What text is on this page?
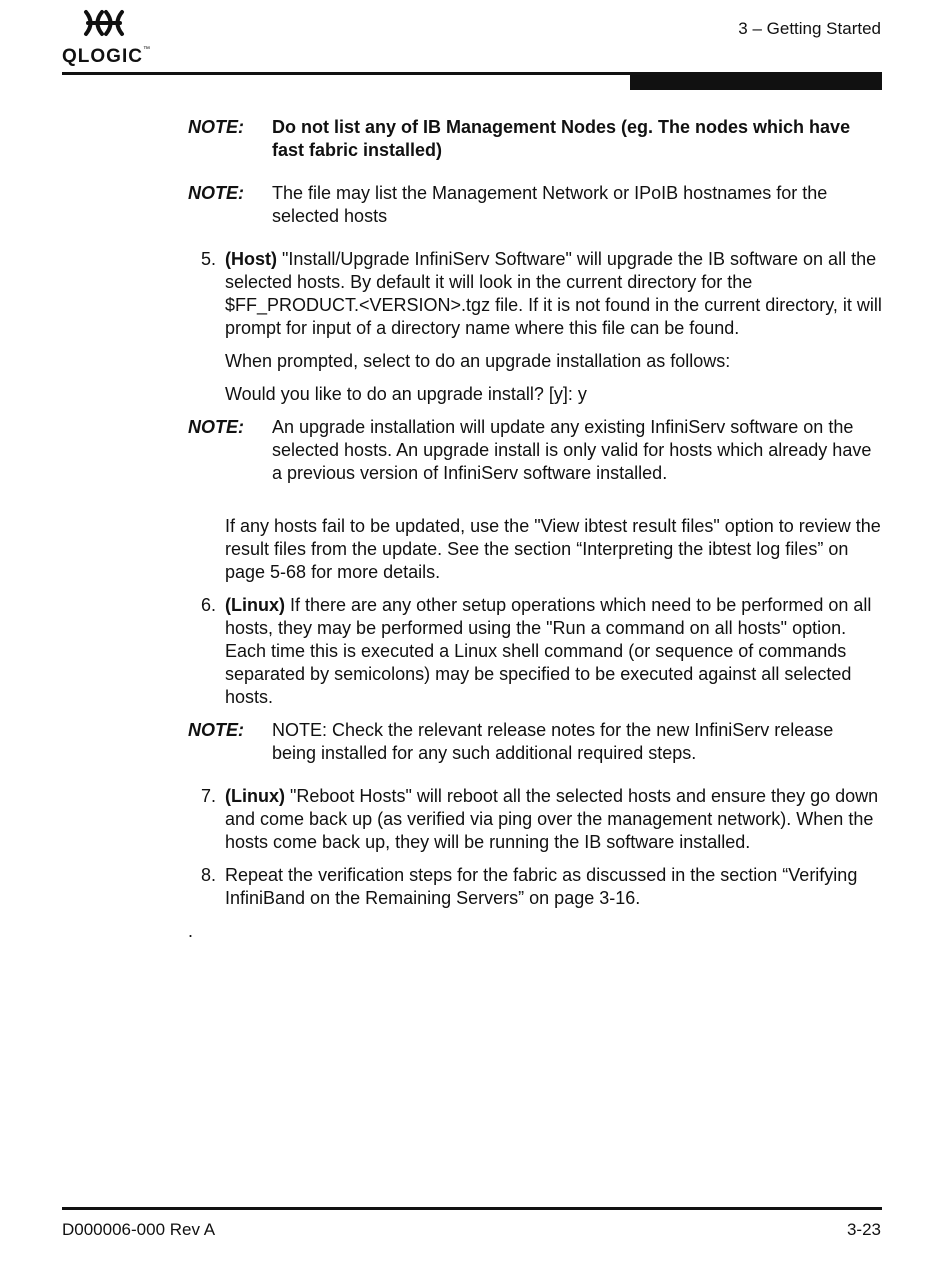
QLOGIC™
3 – Getting Started
NOTE:	Do not list any of IB Management Nodes (eg. The nodes which have fast fabric installed)
NOTE:	The file may list the Management Network or IPoIB hostnames for the selected hosts
5. (Host) "Install/Upgrade InfiniServ Software" will upgrade the IB software on all the selected hosts. By default it will look in the current directory for the $FF_PRODUCT.<VERSION>.tgz file. If it is not found in the current directory, it will prompt for input of a directory name where this file can be found.
When prompted, select to do an upgrade installation as follows:
Would you like to do an upgrade install? [y]: y
NOTE:	An upgrade installation will update any existing InfiniServ software on the selected hosts. An upgrade install is only valid for hosts which already have a previous version of InfiniServ software installed.
If any hosts fail to be updated, use the "View ibtest result files" option to review the result files from the update. See the section “Interpreting the ibtest log files” on page 5-68 for more details.
6. (Linux) If there are any other setup operations which need to be performed on all hosts, they may be performed using the "Run a command on all hosts" option. Each time this is executed a Linux shell command (or sequence of commands separated by semicolons) may be specified to be executed against all selected hosts.
NOTE:	NOTE: Check the relevant release notes for the new InfiniServ release being installed for any such additional required steps.
7. (Linux) "Reboot Hosts" will reboot all the selected hosts and ensure they go down and come back up (as verified via ping over the management network). When the hosts come back up, they will be running the IB software installed.
8. Repeat the verification steps for the fabric as discussed in the section “Verifying InfiniBand on the Remaining Servers” on page 3-16.
.
D000006-000 Rev A	3-23
